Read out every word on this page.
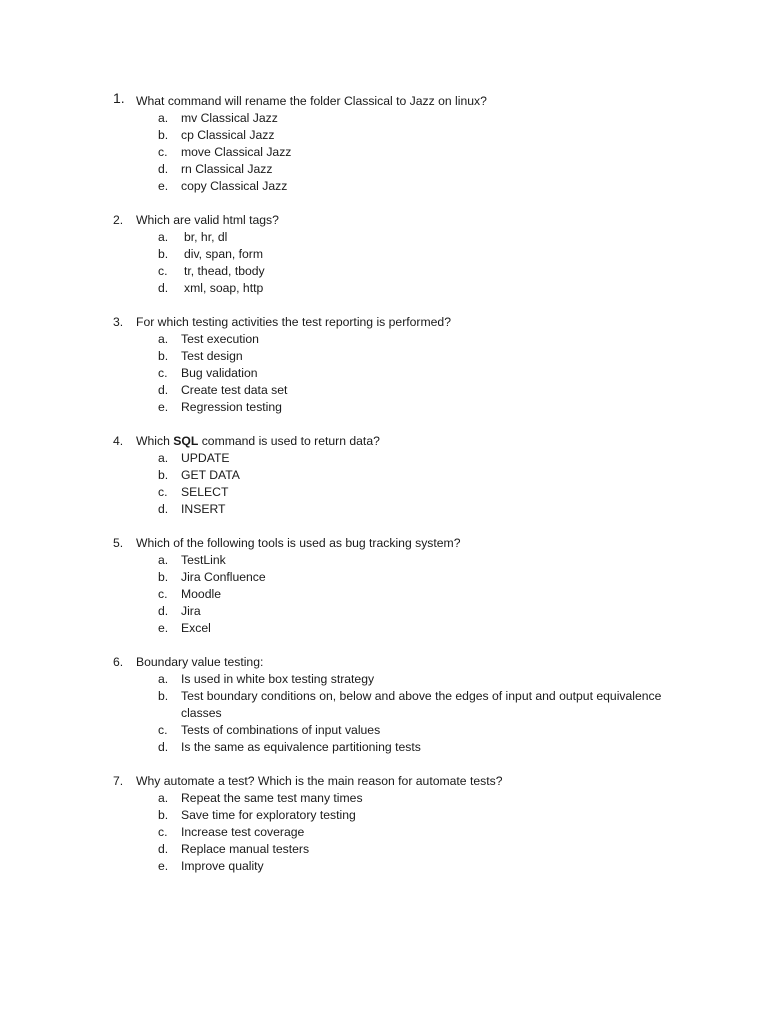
1. What command will rename the folder Classical to Jazz on linux?
a. mv Classical Jazz
b. cp Classical Jazz
c. move Classical Jazz
d. rn Classical Jazz
e. copy Classical Jazz
2. Which are valid html tags?
a. br, hr, dl
b. div, span, form
c. tr, thead, tbody
d. xml, soap, http
3. For which testing activities the test reporting is performed?
a. Test execution
b. Test design
c. Bug validation
d. Create test data set
e. Regression testing
4. Which SQL command is used to return data?
a. UPDATE
b. GET DATA
c. SELECT
d. INSERT
5. Which of the following tools is used as bug tracking system?
a. TestLink
b. Jira Confluence
c. Moodle
d. Jira
e. Excel
6. Boundary value testing:
a. Is used in white box testing strategy
b. Test boundary conditions on, below and above the edges of input and output equivalence classes
c. Tests of combinations of input values
d. Is the same as equivalence partitioning tests
7. Why automate a test? Which is the main reason for automate tests?
a. Repeat the same test many times
b. Save time for exploratory testing
c. Increase test coverage
d. Replace manual testers
e. Improve quality
